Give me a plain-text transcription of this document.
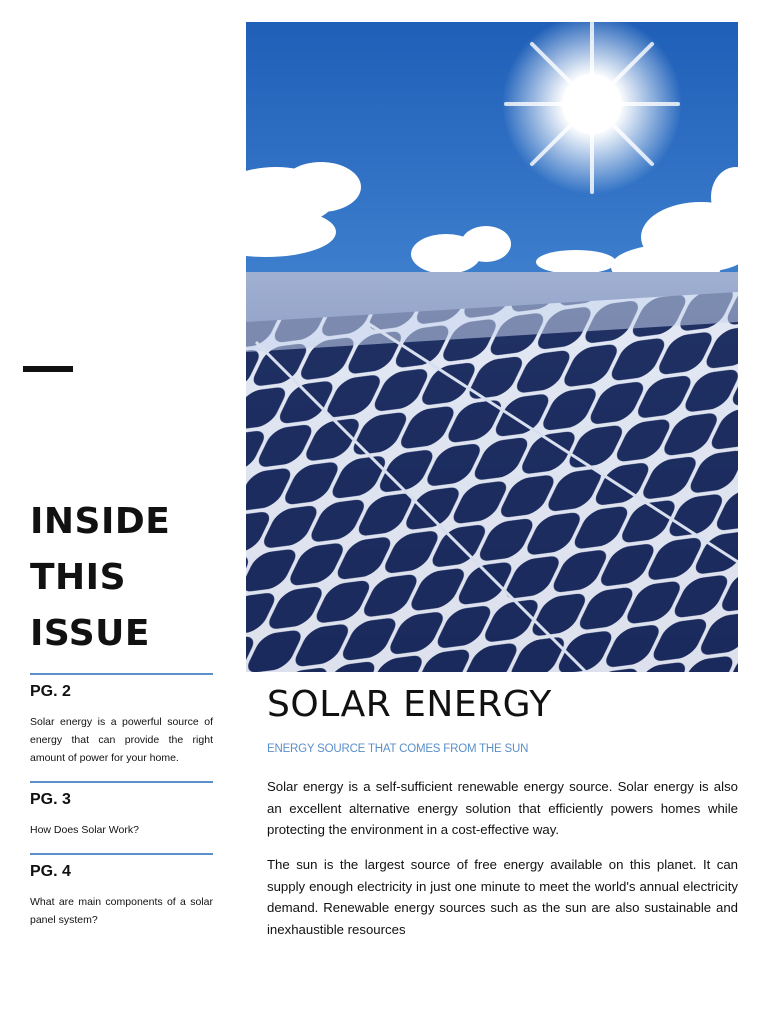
INSIDE
THIS
ISSUE
PG. 2
Solar energy is a powerful source of energy that can provide the right amount of power for your home.
PG. 3
How Does Solar Work?
PG. 4
What are main components of a solar panel system?
SOLAR ENERGY
ENERGY SOURCE THAT COMES FROM THE SUN
Solar energy is a self-sufficient renewable energy source. Solar energy is also an excellent alternative energy solution that efficiently powers homes while protecting the environment in a cost-effective way.
The sun is the largest source of free energy available on this planet. It can supply enough electricity in just one minute to meet the world's annual electricity demand. Renewable energy sources such as the sun are also sustainable and inexhaustible resources
